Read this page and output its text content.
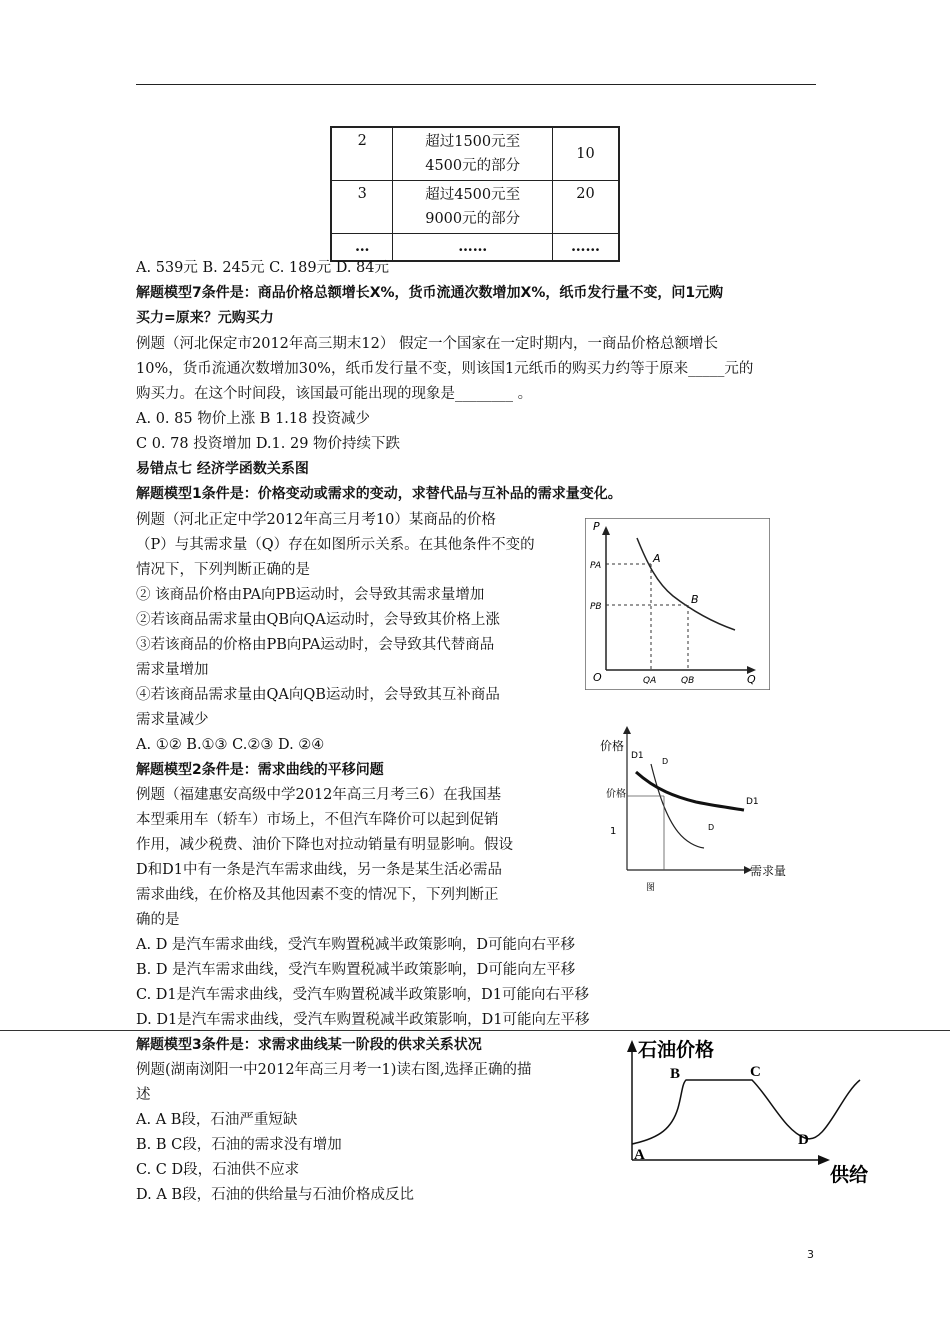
2	超过1500元至4500元的部分	10
3	超过4500元至9000元的部分	20
…	……	……
A. 539元 B. 245元 C. 189元 D. 84元
解题模型7条件是：商品价格总额增长X%，货币流通次数增加X%，纸币发行量不变，问1元购
买力=原来？元购买力
例题（河北保定市2012年高三期末12） 假定一个国家在一定时期内，一商品价格总额增长
10%，货币流通次数增加30%，纸币发行量不变，则该国1元纸币的购买力约等于原来_____元的
购买力。在这个时间段，该国最可能出现的现象是________ 。
A. 0. 85 物价上涨 B 1.18 投资减少
C 0. 78 投资增加 D.1. 29 物价持续下跌
易错点七 经济学函数关系图
解题模型1条件是：价格变动或需求的变动，求替代品与互补品的需求量变化。
例题（河北正定中学2012年高三月考10）某商品的价格
（P）与其需求量（Q）存在如图所示关系。在其他条件不变的
情况下，下列判断正确的是
② 该商品价格由PA向PB运动时，会导致其需求量增加
②若该商品需求量由QB向QA运动时，会导致其价格上涨
③若该商品的价格由PB向PA运动时，会导致其代替商品
需求量增加
④若该商品需求量由QA向QB运动时，会导致其互补商品
需求量减少
A. ①② B.①③ C.②③ D. ②④
解题模型2条件是：需求曲线的平移问题
例题（福建惠安高级中学2012年高三月考三6）在我国基
本型乘用车（轿车）市场上，不但汽车降价可以起到促销
作用，减少税费、油价下降也对拉动销量有明显影响。假设
D和D1中有一条是汽车需求曲线，另一条是某生活必需品
需求曲线，在价格及其他因素不变的情况下，下列判断正
确的是
A. D 是汽车需求曲线，受汽车购置税减半政策影响，D可能向右平移
B. D 是汽车需求曲线，受汽车购置税减半政策影响，D可能向左平移
C. D1是汽车需求曲线，受汽车购置税减半政策影响，D1可能向右平移
D. D1是汽车需求曲线，受汽车购置税减半政策影响，D1可能向左平移
解题模型3条件是：求需求曲线某一阶段的供求关系状况
例题(湖南浏阳一中2012年高三月考一1)读右图,选择正确的描
述
A. A B段，石油严重短缺
B. B C段，石油的需求没有增加
C. C D段，石油供不应求
D. A B段，石油的供给量与石油价格成反比
P
PA
PB
A
B
O	QA	QB	Q
价格
D1
D
价格
1
D1
D
需求量
图
石油价格
供给
A
B	C
D
3
